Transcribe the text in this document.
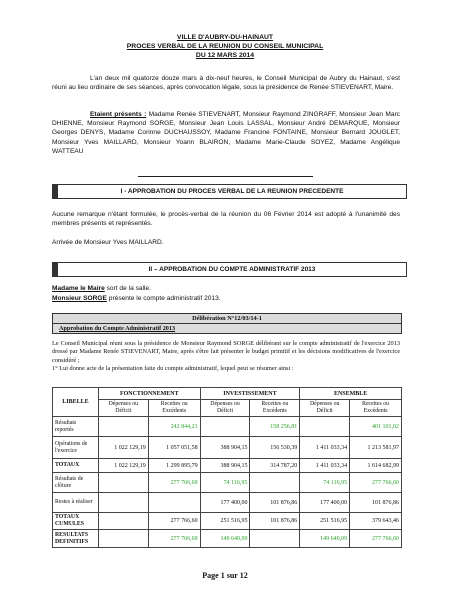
VILLE D'AUBRY-DU-HAINAUT
PROCES VERBAL DE LA REUNION DU CONSEIL MUNICIPAL
DU 12 MARS 2014
L'an deux mil quatorze douze mars à dix-neuf heures, le Conseil Municipal de Aubry du Hainaut, s'est réuni au lieu ordinaire de ses séances, après convocation légale, sous la présidence de Renée STIEVENART, Maire.
Etaient présents : Madame Renée STIEVENART, Monsieur Raymond ZINGRAFF, Monsieur Jean Marc DHIENNE, Monsieur Raymond SORGE, Monsieur Jean Louis LASSAL, Monsieur André DEMARQUE, Monsieur Georges DENYS, Madame Corinne DUCHAUSSOY, Madame Francine FONTAINE, Monsieur Bernard JOUGLET, Monsieur Yves MAILLARD, Monsieur Yoann BLAIRON, Madame Marie-Claude SOYEZ, Madame Angélique WATTEAU
I - APPROBATION DU PROCES VERBAL DE LA REUNION PRECEDENTE
Aucune remarque n'étant formulée, le procès-verbal de la réunion du 06 Février 2014 est adopté à l'unanimité des membres présents et représentés.
Arrivée de Monsieur Yves MAILLARD.
II – APPROBATION DU COMPTE ADMINISTRATIF 2013
Madame le Maire sort de la salle.
Monsieur SORGE présente le compte administratif 2013.
Délibération N°12/03/14-1
Approbation du Compte Administratif 2013
Le Conseil Municipal réuni sous la présidence de Monsieur Raymond SORGE délibérant sur le compte administratif de l'exercice 2013 dressé par Madame Renée STIEVENART, Maire, après s'être fait présenter le budget primitif et les décisions modificatives de l'exercice considéré ;
1° Lui donne acte de la présentation faite du compte administratif, lequel peut se résumer ainsi :
LIBELLE	FONCTIONNEMENT		INVESTISSEMENT		ENSEMBLE	
	Dépenses ou Déficit	Recettes ou Excédents	Dépenses ou Déficit	Recettes ou Excédents	Dépenses ou Déficit	Recettes ou Excédents
Résultats reportés		242 844,21		158 256,81		401 101,02
Opérations de l'exercice	1 022 129,19	1 057 051,58	388 904,15	156 530,39	1 411 033,34	1 213 581,97
TOTAUX	1 022 129,19	1 299 895,79	388 904,15	314 787,20	1 411 033,34	1 614 682,99
Résultats de clôture		277 766,60	74 116,95		74 116,95	277 766,60
Restes à réaliser			177 400,00	101 876,86	177 400,00	101 876,86
TOTAUX CUMULES		277 766,60	251 516,95	101 876,86	251 516,95	379 643,46
RESULTATS DEFINITIFS		277 766,60	149 640,09		149 640,09	277 766,60
Page 1 sur 12
